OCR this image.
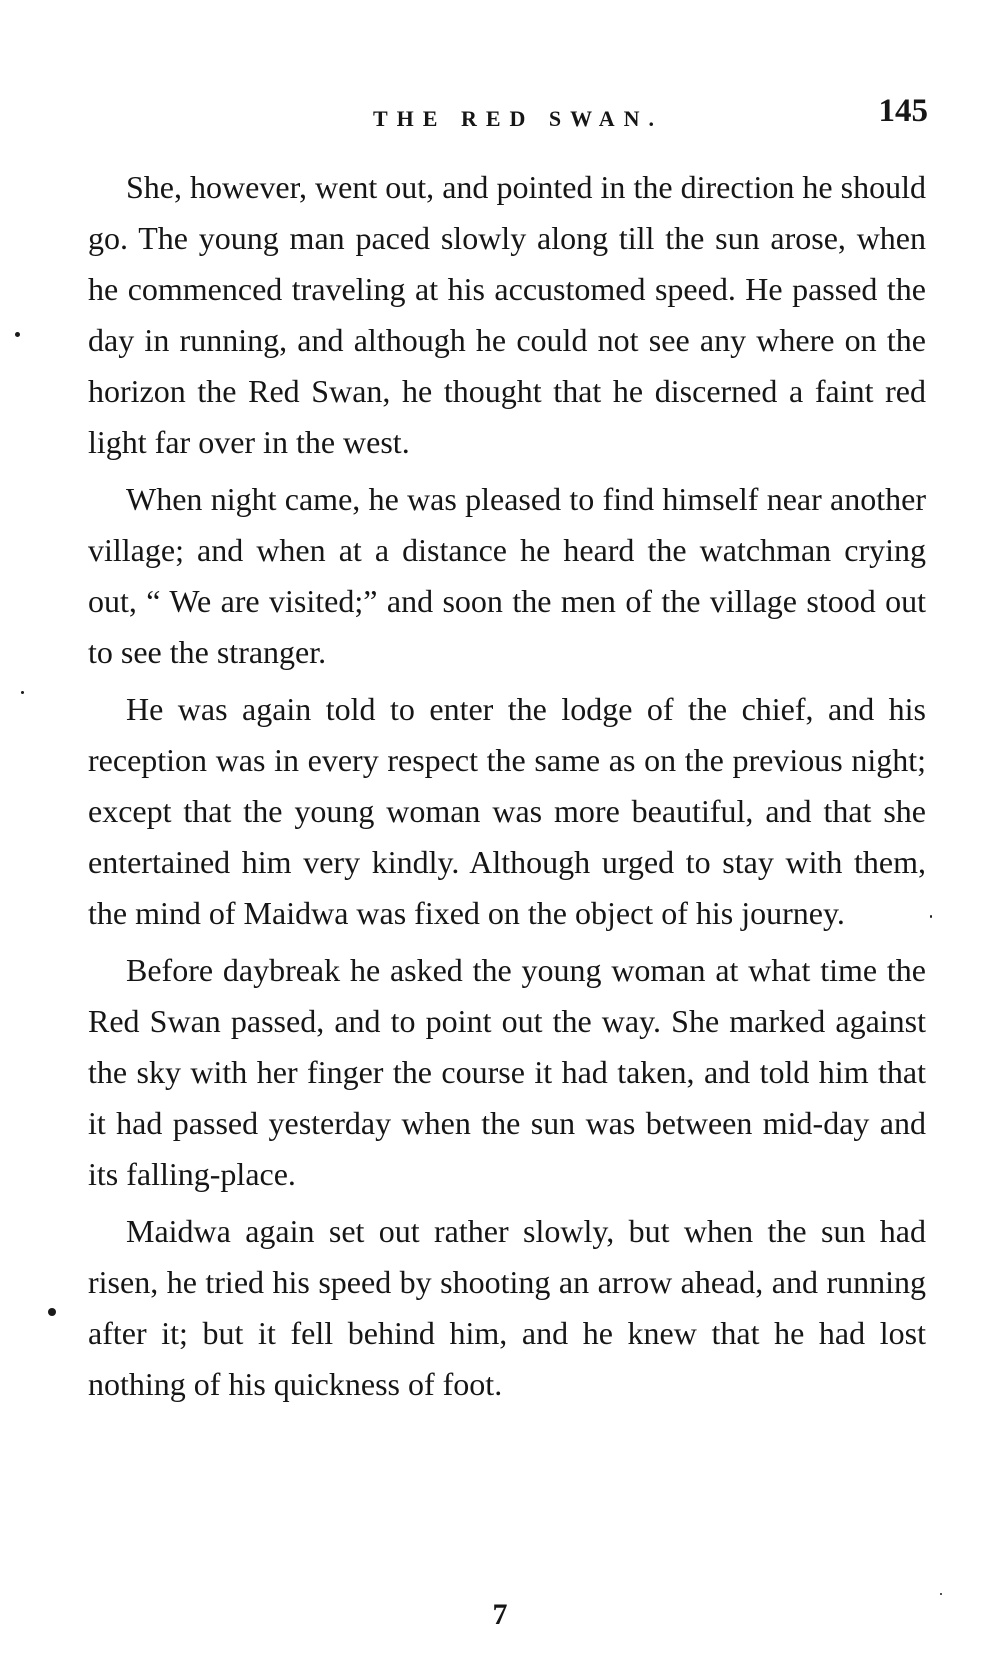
THE RED SWAN.	145

She, however, went out, and pointed in the direction he should go. The young man paced slowly along till the sun arose, when he commenced traveling at his accustomed speed. He passed the day in running, and although he could not see any where on the horizon the Red Swan, he thought that he discerned a faint red light far over in the west.

When night came, he was pleased to find himself near another village; and when at a distance he heard the watchman crying out, “ We are visited;” and soon the men of the village stood out to see the stranger.

He was again told to enter the lodge of the chief, and his reception was in every respect the same as on the previous night; except that the young woman was more beautiful, and that she entertained him very kindly. Although urged to stay with them, the mind of Maidwa was fixed on the object of his journey.

Before daybreak he asked the young woman at what time the Red Swan passed, and to point out the way. She marked against the sky with her finger the course it had taken, and told him that it had passed yesterday when the sun was between mid-day and its falling-place.

Maidwa again set out rather slowly, but when the sun had risen, he tried his speed by shooting an arrow ahead, and running after it; but it fell behind him, and he knew that he had lost nothing of his quickness of foot.

7
